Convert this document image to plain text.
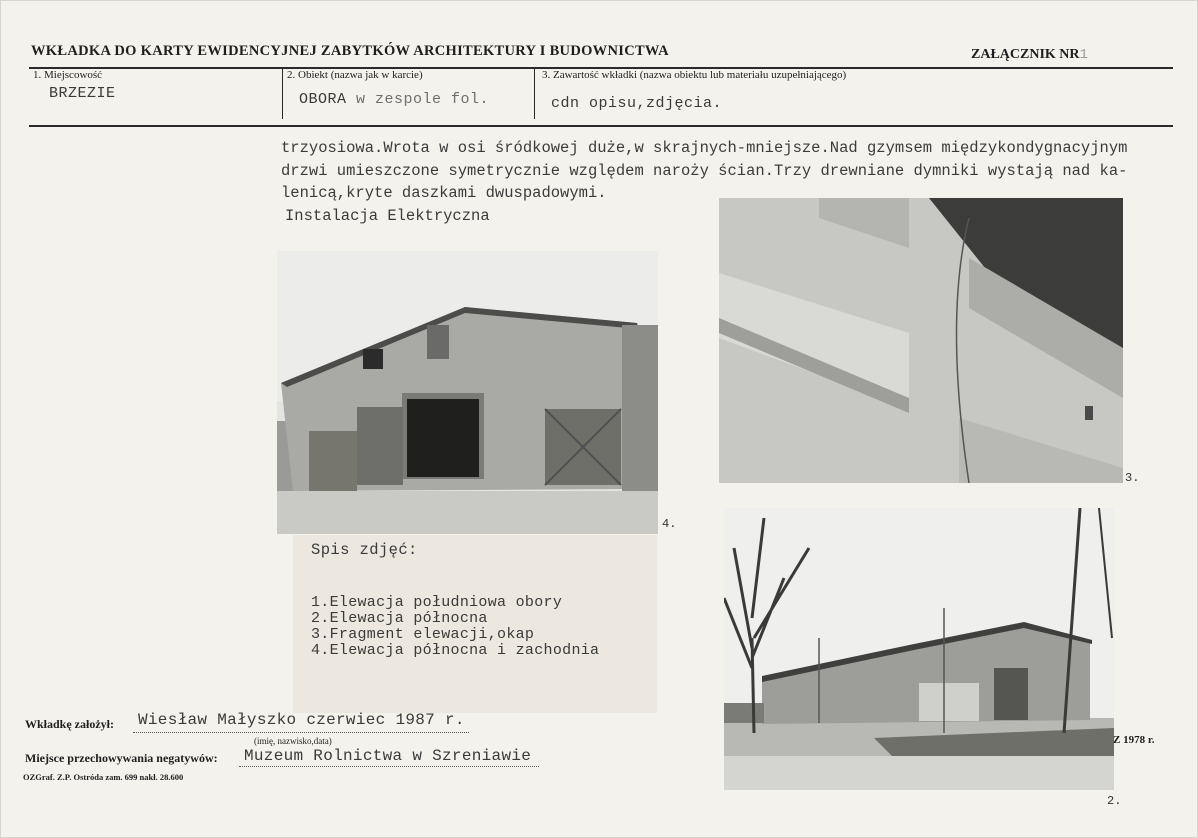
WKŁADKA DO KARTY EWIDENCYJNEJ ZABYTKÓW ARCHITEKTURY I BUDOWNICTWA	ZAŁĄCZNIK NR1
1. Miejscowość
BRZEZIE
2. Obiekt (nazwa jak w karcie)
OBORA w zespole fol.
3. Zawartość wkładki (nazwa obiektu lub materiału uzupełniającego)
cdn opisu,zdjęcia.
trzyosiowa.Wrota w osi śródkowej duże,w skrajnych-mniejsze.Nad gzymsem międzykondygnacyjnym
drzwi umieszczone symetrycznie względem naroży ścian.Trzy drewniane dymniki wystają nad ka-
lenicą,kryte daszkami dwuspadowymi.
Instalacja Elektryczna
4.
3.
Spis zdjęć:
1.Elewacja południowa obory
2.Elewacja północna
3.Fragment elewacji,okap
4.Elewacja północna i zachodnia
2.
Wkładkę założył: Wiesław Małyszko czerwiec 1987 r.
(imię, nazwisko,data)
Miejsce przechowywania negatywów: Muzeum Rolnictwa w Szreniawie
OZGraf. Z.P. Ostróda zam. 699 nakł. 28.600
Z 1978 r.
